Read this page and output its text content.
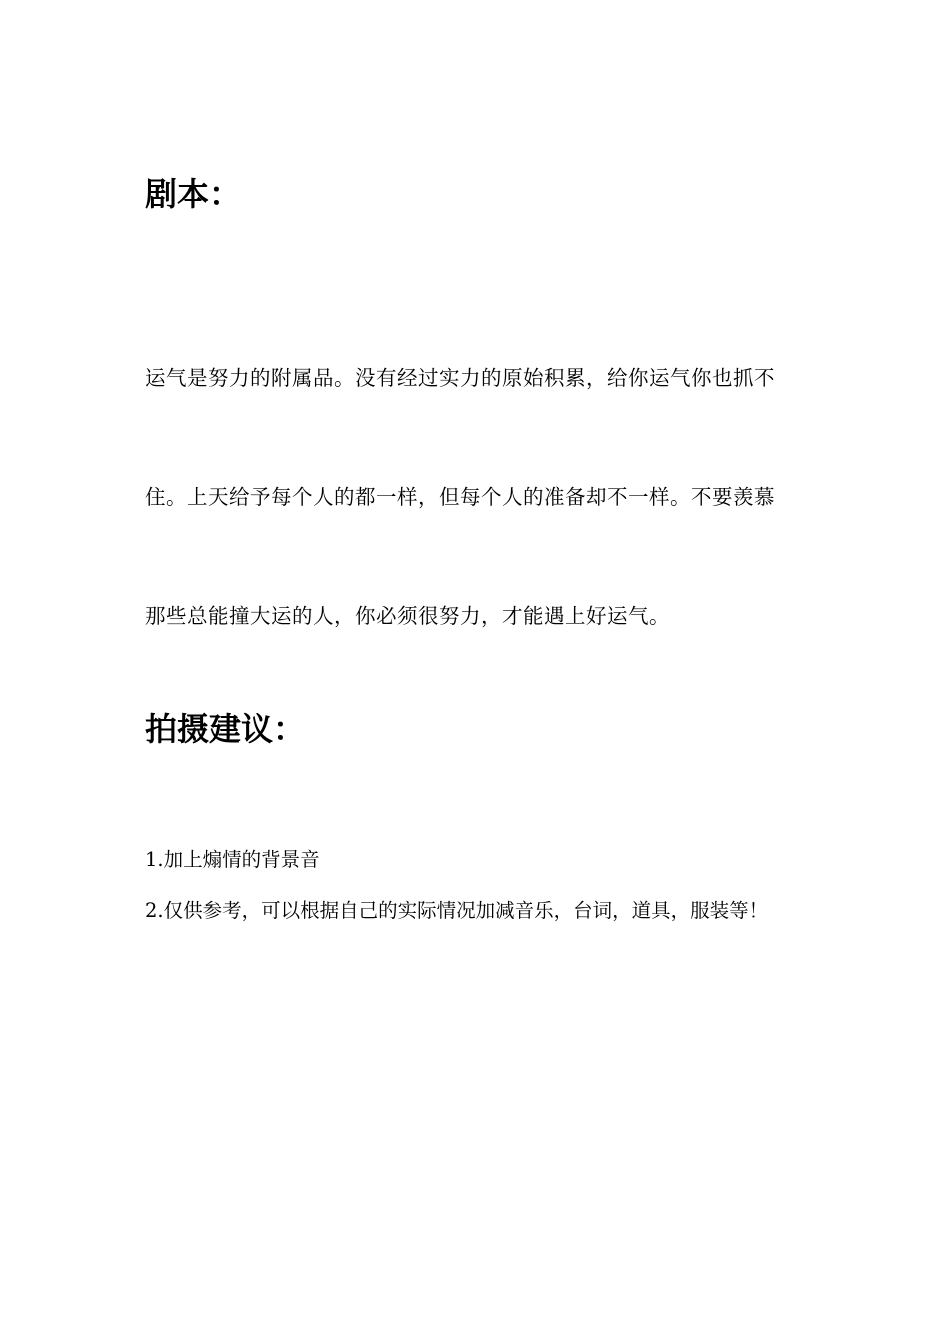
剧本：

运气是努力的附属品。没有经过实力的原始积累，给你运气你也抓不

住。上天给予每个人的都一样，但每个人的准备却不一样。不要羡慕

那些总能撞大运的人，你必须很努力，才能遇上好运气。

拍摄建议：

1.加上煽情的背景音

2.仅供参考，可以根据自己的实际情况加减音乐，台词，道具，服装等！
